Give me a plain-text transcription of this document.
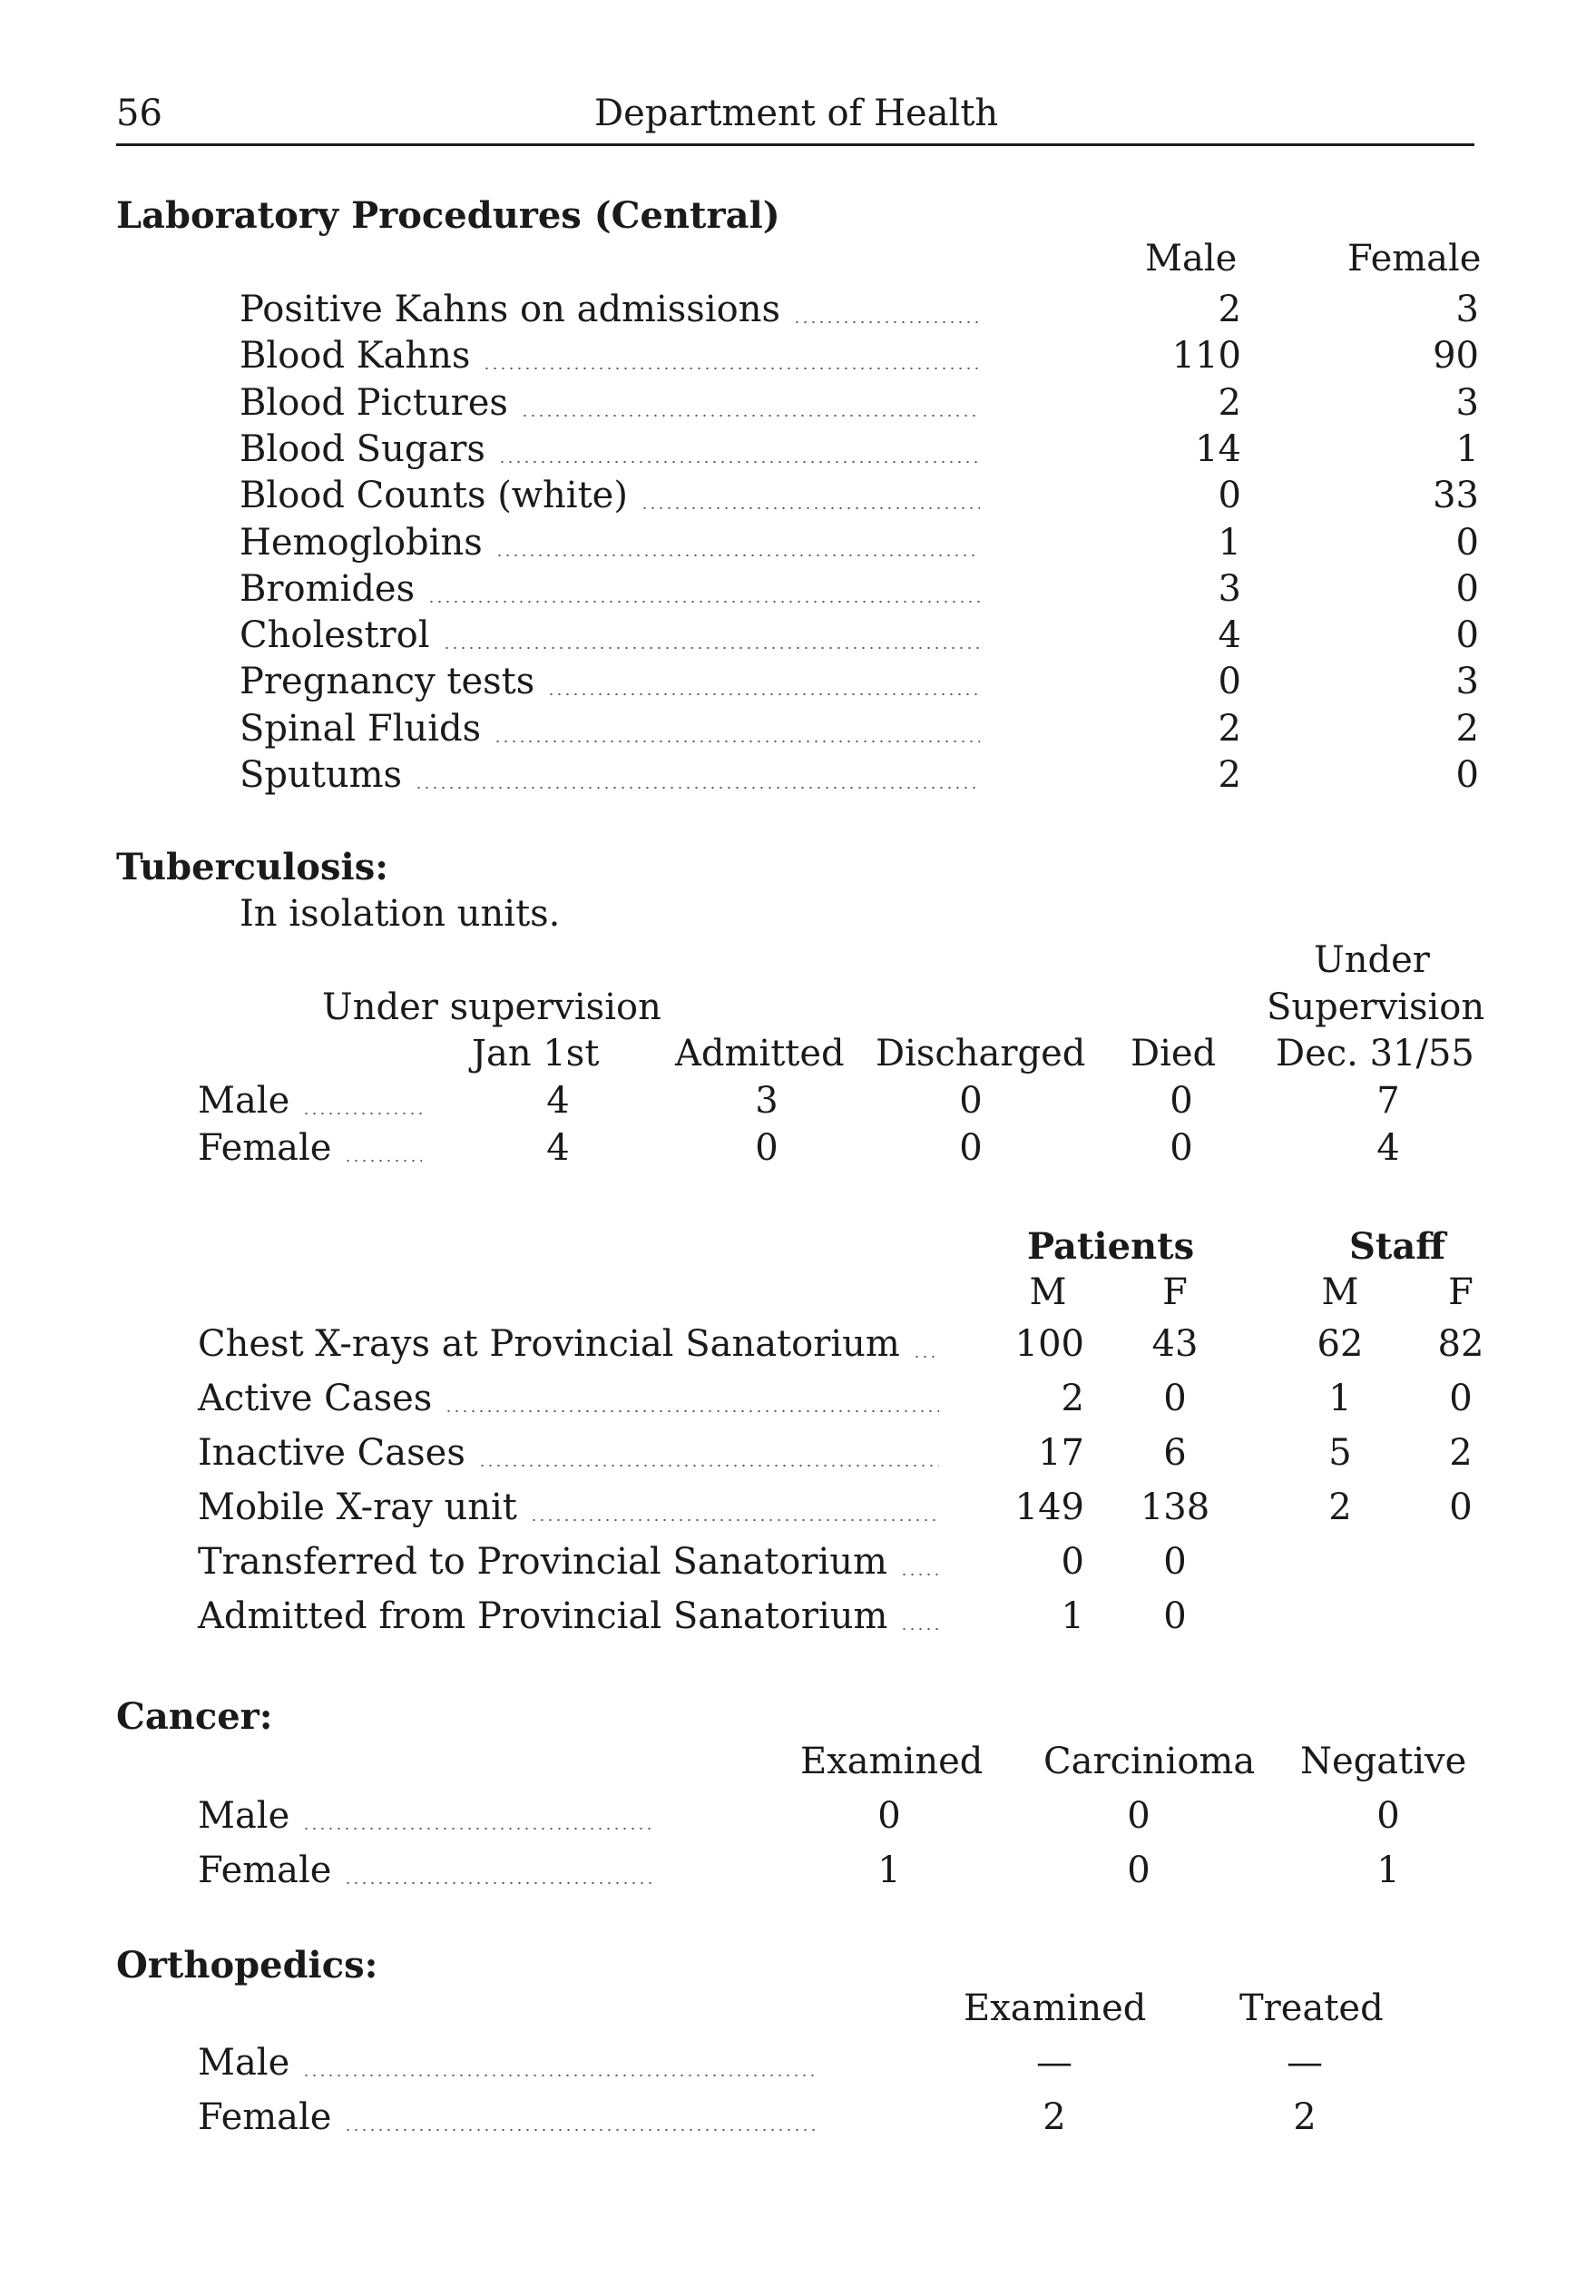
56	Department of Health
Laboratory Procedures (Central)
Male	Female
Positive Kahns on admissions	2	3
Blood Kahns	110	90
Blood Pictures	2	3
Blood Sugars	14	1
Blood Counts (white)	0	33
Hemoglobins	1	0
Bromides	3	0
Cholestrol	4	0
Pregnancy tests	0	3
Spinal Fluids	2	2
Sputums	2	0
Tuberculosis:
In isolation units.
Under
Under supervision	Supervision
Jan 1st Admitted Discharged Died Dec. 31/55
Male	4	3	0	0	7
Female	4	0	0	0	4
Patients	Staff
M	F	M	F
Chest X-rays at Provincial Sanatorium	100	43	62	82
Active Cases	2	0	1	0
Inactive Cases	17	6	5	2
Mobile X-ray unit	149 138	2	0
Transferred to Provincial Sanatorium	0	0
Admitted from Provincial Sanatorium	1	0
Cancer:
Examined Carcinioma Negative
Male	0	0	0
Female	1	0	1
Orthopedics:
Examined	Treated
Male	—	—
Female	2	2
